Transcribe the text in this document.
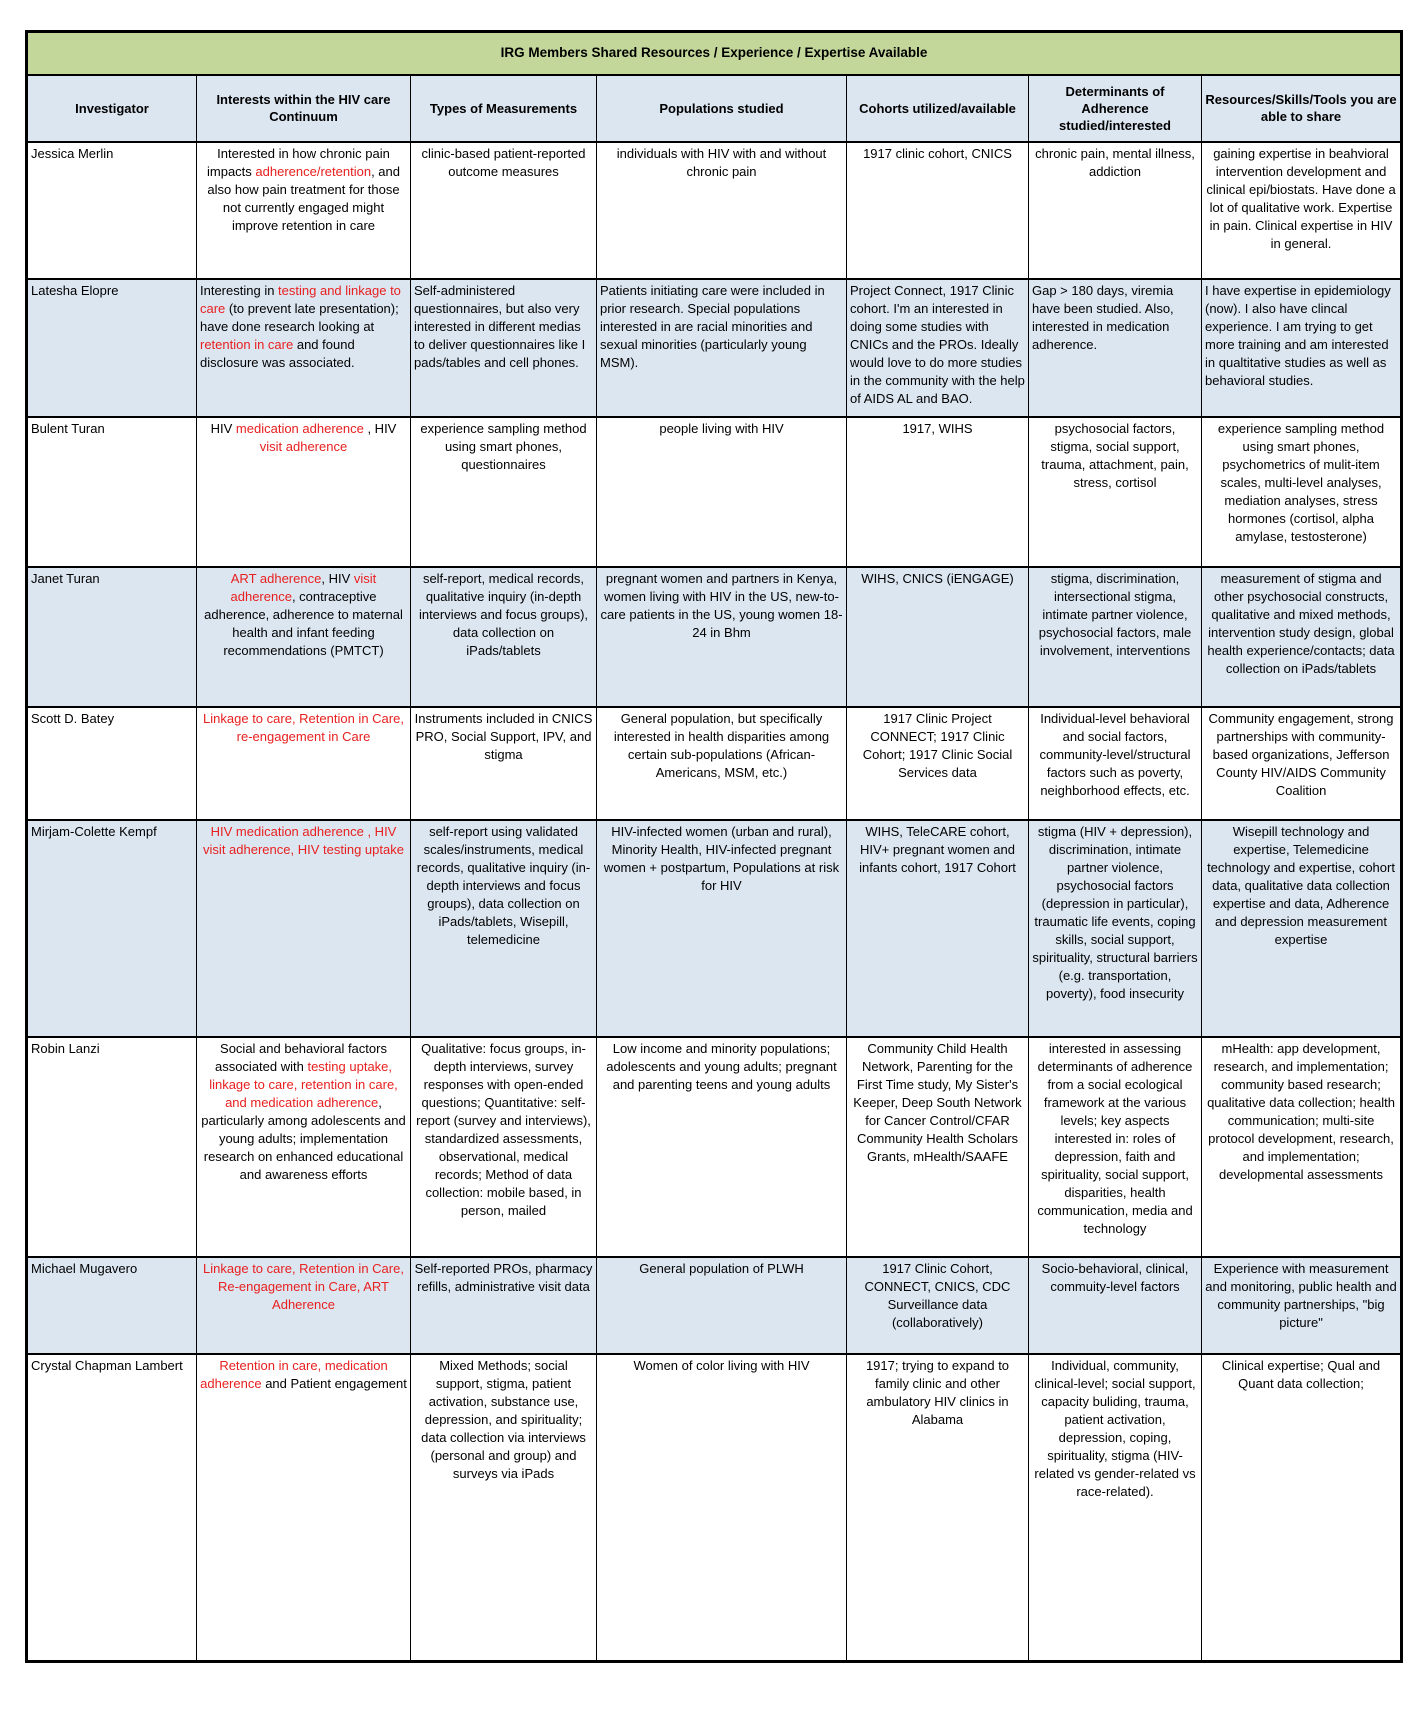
IRG Members Shared Resources / Experience / Expertise Available						
Investigator	Interests within the HIV care Continuum	Types of Measurements	Populations studied	Cohorts utilized/available	Determinants of Adherence studied/interested	Resources/Skills/Tools you are able to share
Jessica Merlin	Interested in how chronic pain impacts adherence/retention, and also how pain treatment for those not currently engaged might improve retention in care	clinic-based patient-reported outcome measures	individuals with HIV with and without chronic pain	1917 clinic cohort, CNICS	chronic pain, mental illness, addiction	gaining expertise in beahvioral intervention development and clinical epi/biostats. Have done a lot of qualitative work. Expertise in pain. Clinical expertise in HIV in general.
Latesha Elopre	Interesting in testing and linkage to care (to prevent late presentation); have done research looking at retention in care and found disclosure was associated.	Self-administered questionnaires, but also very interested in different medias to deliver questionnaires like I pads/tables and cell phones.	Patients initiating care were included in prior research. Special populations interested in are racial minorities and sexual minorities (particularly young MSM).	Project Connect, 1917 Clinic cohort. I'm an interested in doing some studies with CNICs and the PROs. Ideally would love to do more studies in the community with the help of AIDS AL and BAO.	Gap > 180 days, viremia have been studied. Also, interested in medication adherence.	I have expertise in epidemiology (now). I also have clincal experience. I am trying to get more training and am interested in qualtitative studies as well as behavioral studies.
Bulent Turan	HIV medication adherence , HIV visit adherence	experience sampling method using smart phones, questionnaires	people living with HIV	1917, WIHS	psychosocial factors, stigma, social support, trauma, attachment, pain, stress, cortisol	experience sampling method using smart phones, psychometrics of mulit-item scales, multi-level analyses, mediation analyses, stress hormones (cortisol, alpha amylase, testosterone)
Janet Turan	ART adherence, HIV visit adherence, contraceptive adherence, adherence to maternal health and infant feeding recommendations (PMTCT)	self-report, medical records, qualitative inquiry (in-depth interviews and focus groups), data collection on iPads/tablets	pregnant women and partners in Kenya, women living with HIV in the US, new-to-care patients in the US, young women 18-24 in Bhm	WIHS, CNICS (iENGAGE)	stigma, discrimination, intersectional stigma, intimate partner violence, psychosocial factors, male involvement, interventions	measurement of stigma and other psychosocial constructs, qualitative and mixed methods, intervention study design, global health experience/contacts; data collection on iPads/tablets
Scott D. Batey	Linkage to care, Retention in Care, re-engagement in Care	Instruments included in CNICS PRO, Social Support, IPV, and stigma	General population, but specifically interested in health disparities among certain sub-populations (African-Americans, MSM, etc.)	1917 Clinic Project CONNECT; 1917 Clinic Cohort; 1917 Clinic Social Services data	Individual-level behavioral and social factors, community-level/structural factors such as poverty, neighborhood effects, etc.	Community engagement, strong partnerships with community-based organizations, Jefferson County HIV/AIDS Community Coalition
Mirjam-Colette Kempf	HIV medication adherence , HIV visit adherence, HIV testing uptake	self-report using validated scales/instruments, medical records, qualitative inquiry (in-depth interviews and focus groups), data collection on iPads/tablets, Wisepill, telemedicine	HIV-infected women (urban and rural), Minority Health, HIV-infected pregnant women + postpartum, Populations at risk for HIV	WIHS, TeleCARE cohort, HIV+ pregnant women and infants cohort, 1917 Cohort	stigma (HIV + depression), discrimination, intimate partner violence, psychosocial factors (depression in particular), traumatic life events, coping skills, social support, spirituality, structural barriers (e.g. transportation, poverty), food insecurity	Wisepill technology and expertise, Telemedicine technology and expertise, cohort data, qualitative data collection expertise and data, Adherence and depression measurement expertise
Robin Lanzi	Social and behavioral factors associated with testing uptake, linkage to care, retention in care, and medication adherence, particularly among adolescents and young adults; implementation research on enhanced educational and awareness efforts	Qualitative: focus groups, in-depth interviews, survey responses with open-ended questions; Quantitative: self-report (survey and interviews), standardized assessments, observational, medical records; Method of data collection: mobile based, in person, mailed	Low income and minority populations; adolescents and young adults; pregnant and parenting teens and young adults	Community Child Health Network, Parenting for the First Time study, My Sister's Keeper, Deep South Network for Cancer Control/CFAR Community Health Scholars Grants, mHealth/SAAFE	interested in assessing determinants of adherence from a social ecological framework at the various levels; key aspects interested in: roles of depression, faith and spirituality, social support, disparities, health communication, media and technology	mHealth: app development, research, and implementation; community based research; qualitative data collection; health communication; multi-site protocol development, research, and implementation; developmental assessments
Michael Mugavero	Linkage to care, Retention in Care, Re-engagement in Care, ART Adherence	Self-reported PROs, pharmacy refills, administrative visit data	General population of PLWH	1917 Clinic Cohort, CONNECT, CNICS, CDC Surveillance data (collaboratively)	Socio-behavioral, clinical, commuity-level factors	Experience with measurement and monitoring, public health and community partnerships, "big picture"
Crystal Chapman Lambert	Retention in care, medication adherence and Patient engagement	Mixed Methods; social support, stigma, patient activation, substance use, depression, and spirituality; data collection via interviews (personal and group) and surveys via iPads	Women of color living with HIV	1917; trying to expand to family clinic and other ambulatory HIV clinics in Alabama	Individual, community, clinical-level; social support, capacity buliding, trauma, patient activation, depression, coping, spirituality, stigma (HIV-related vs gender-related vs race-related).	Clinical expertise; Qual and Quant data collection;
